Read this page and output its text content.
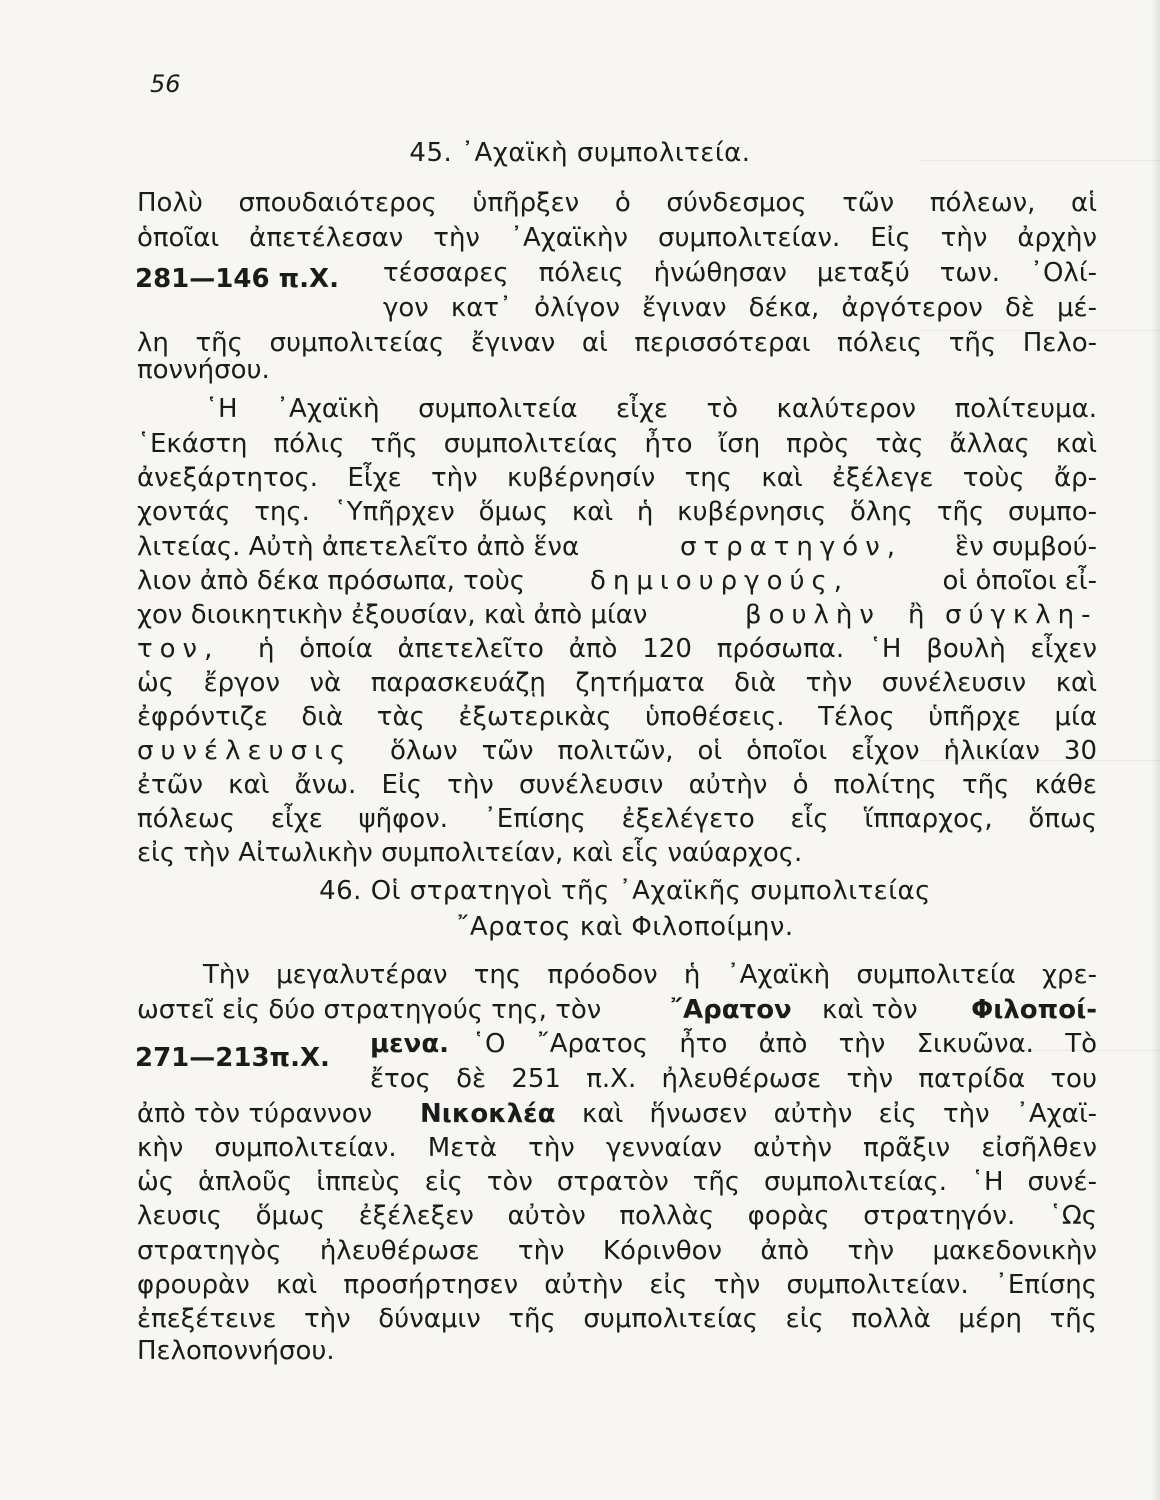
56
45. ᾿Αχαϊκὴ συμπολιτεία.
Πολὺ σπουδαιότερος ὑπῆρξεν ὁ σύνδεσμος τῶν πόλεων, αἱ
ὁποῖαι ἀπετέλεσαν τὴν ᾿Αχαϊκὴν συμπολιτείαν. Εἰς τὴν ἀρχὴν
281—146 π.Χ. τέσσαρες πόλεις ἡνώθησαν μεταξύ των. ᾿Ολί-
γον κατ᾿ ὀλίγον ἔγιναν δέκα, ἀργότερον δὲ μέ-
λη τῆς συμπολιτείας ἔγιναν αἱ περισσότεραι πόλεις τῆς Πελο-
ποννήσου.
῾Η ᾿Αχαϊκὴ συμπολιτεία εἶχε τὸ καλύτερον πολίτευμα.
῾Εκάστη πόλις τῆς συμπολιτείας ἦτο ἴση πρὸς τὰς ἄλλας καὶ
ἀνεξάρτητος. Εἶχε τὴν κυβέρνησίν της καὶ ἐξέλεγε τοὺς ἄρ-
χοντάς της. ῾Υπῆρχεν ὅμως καὶ ἡ κυβέρνησις ὅλης τῆς συμπο-
λιτείας. Αὐτὴ ἀπετελεῖτο ἀπὸ ἕνα	στρατηγόν, ἓν συμβού-
λιον ἀπὸ δέκα πρόσωπα, τοὺς δημιουργούς,	οἱ ὁποῖοι εἶ-
χον διοικητικὴν ἐξουσίαν, καὶ ἀπὸ μίαν	βουλὴν ἢ σύγκλη-
τον, ἡ ὁποία ἀπετελεῖτο ἀπὸ 120 πρόσωπα. ῾Η βουλὴ εἶχεν
ὡς ἔργον νὰ παρασκευάζῃ ζητήματα διὰ τὴν συνέλευσιν καὶ
ἐφρόντιζε διὰ τὰς ἐξωτερικὰς ὑποθέσεις. Τέλος ὑπῆρχε μία
συνέλευσις ὅλων τῶν πολιτῶν, οἱ ὁποῖοι εἶχον ἡλικίαν 30
ἐτῶν καὶ ἄνω. Εἰς τὴν συνέλευσιν αὐτὴν ὁ πολίτης τῆς κάθε
πόλεως εἶχε ψῆφον. ᾿Επίσης ἐξελέγετο εἷς ἵππαρχος, ὅπως
εἰς τὴν Αἰτωλικὴν συμπολιτείαν, καὶ εἷς ναύαρχος.
46. Οἱ στρατηγοὶ τῆς ᾿Αχαϊκῆς συμπολιτείας
῎Αρατος καὶ Φιλοποίμην.
Τὴν μεγαλυτέραν της πρόοδον ἡ ᾿Αχαϊκὴ συμπολιτεία χρε-
ωστεῖ εἰς δύο στρατηγούς της, τὸν	῎Αρατον καὶ τὸν	Φιλοποί-
271—213π.Χ. μενα. ῾Ο ῎Αρατος ἦτο ἀπὸ τὴν Σικυῶνα. Τὸ
ἔτος δὲ 251 π.Χ. ἠλευθέρωσε τὴν πατρίδα του
ἀπὸ τὸν τύραννον Νικοκλέα καὶ ἥνωσεν αὐτὴν εἰς τὴν ᾿Αχαϊ-
κὴν συμπολιτείαν. Μετὰ τὴν γενναίαν αὐτὴν πρᾶξιν εἰσῆλθεν
ὡς ἁπλοῦς ἱππεὺς εἰς τὸν στρατὸν τῆς συμπολιτείας. ῾Η συνέ-
λευσις ὅμως ἐξέλεξεν αὐτὸν πολλὰς φορὰς στρατηγόν. ῾Ως
στρατηγὸς ἠλευθέρωσε τὴν Κόρινθον ἀπὸ τὴν μακεδονικὴν
φρουρὰν καὶ προσήρτησεν αὐτὴν εἰς τὴν συμπολιτείαν. ᾿Επίσης
ἐπεξέτεινε τὴν δύναμιν τῆς συμπολιτείας εἰς πολλὰ μέρη τῆς
Πελοποννήσου.
